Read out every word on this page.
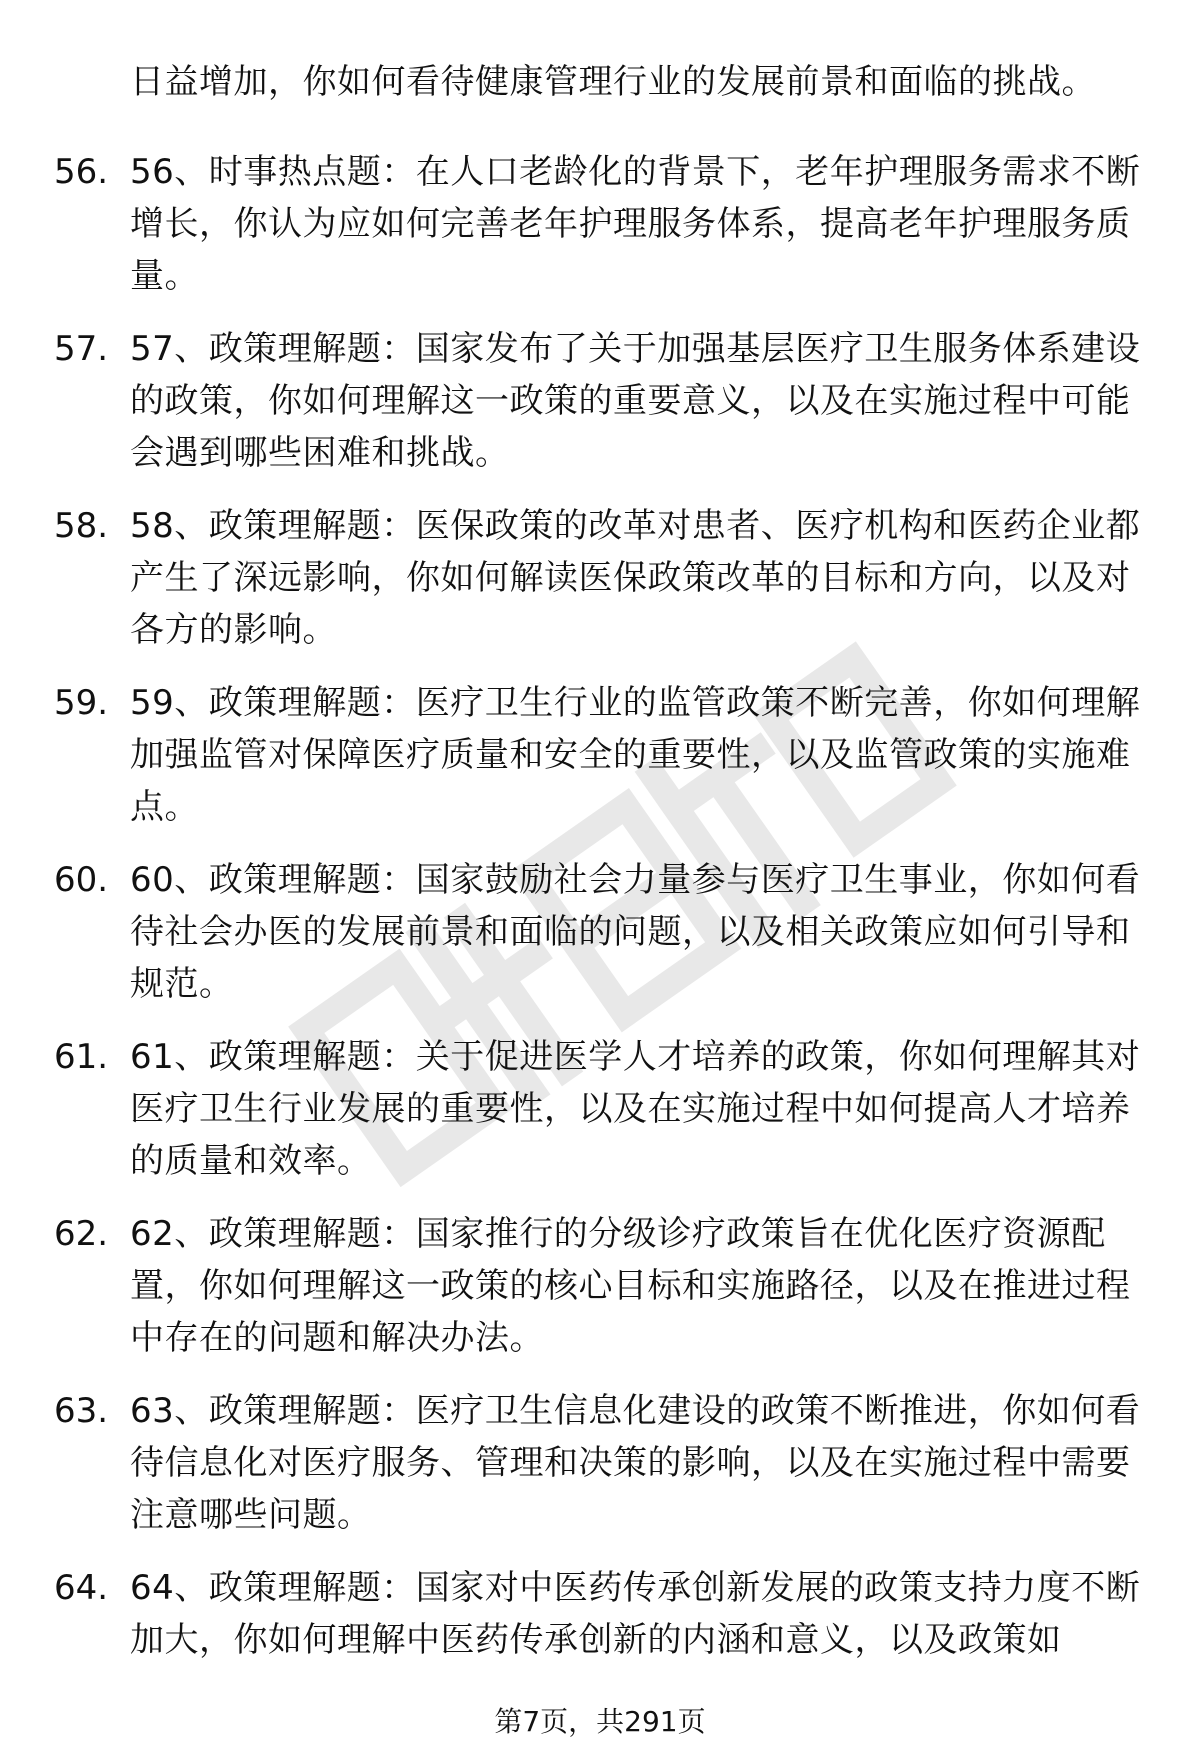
日益增加，你如何看待健康管理行业的发展前景和面临的挑战。
56. 56、时事热点题：在人口老龄化的背景下，老年护理服务需求不断增长，你认为应如何完善老年护理服务体系，提高老年护理服务质量。
57. 57、政策理解题：国家发布了关于加强基层医疗卫生服务体系建设的政策，你如何理解这一政策的重要意义，以及在实施过程中可能会遇到哪些困难和挑战。
58. 58、政策理解题：医保政策的改革对患者、医疗机构和医药企业都产生了深远影响，你如何解读医保政策改革的目标和方向，以及对各方的影响。
59. 59、政策理解题：医疗卫生行业的监管政策不断完善，你如何理解加强监管对保障医疗质量和安全的重要性，以及监管政策的实施难点。
60. 60、政策理解题：国家鼓励社会力量参与医疗卫生事业，你如何看待社会办医的发展前景和面临的问题，以及相关政策应如何引导和规范。
61. 61、政策理解题：关于促进医学人才培养的政策，你如何理解其对医疗卫生行业发展的重要性，以及在实施过程中如何提高人才培养的质量和效率。
62. 62、政策理解题：国家推行的分级诊疗政策旨在优化医疗资源配置，你如何理解这一政策的核心目标和实施路径，以及在推进过程中存在的问题和解决办法。
63. 63、政策理解题：医疗卫生信息化建设的政策不断推进，你如何看待信息化对医疗服务、管理和决策的影响，以及在实施过程中需要注意哪些问题。
64. 64、政策理解题：国家对中医药传承创新发展的政策支持力度不断加大，你如何理解中医药传承创新的内涵和意义，以及政策如
第7页，共291页
